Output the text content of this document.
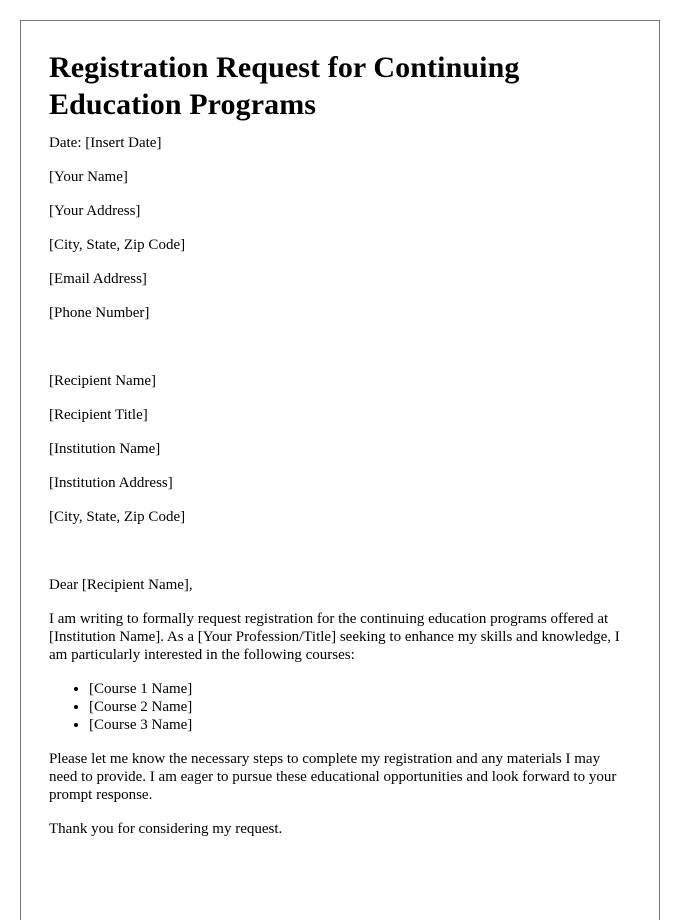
Registration Request for Continuing Education Programs

Date: [Insert Date]

[Your Name]

[Your Address]

[City, State, Zip Code]

[Email Address]

[Phone Number]

[Recipient Name]

[Recipient Title]

[Institution Name]

[Institution Address]

[City, State, Zip Code]

Dear [Recipient Name],

I am writing to formally request registration for the continuing education programs offered at [Institution Name]. As a [Your Profession/Title] seeking to enhance my skills and knowledge, I am particularly interested in the following courses:

• [Course 1 Name]
• [Course 2 Name]
• [Course 3 Name]

Please let me know the necessary steps to complete my registration and any materials I may need to provide. I am eager to pursue these educational opportunities and look forward to your prompt response.

Thank you for considering my request.
